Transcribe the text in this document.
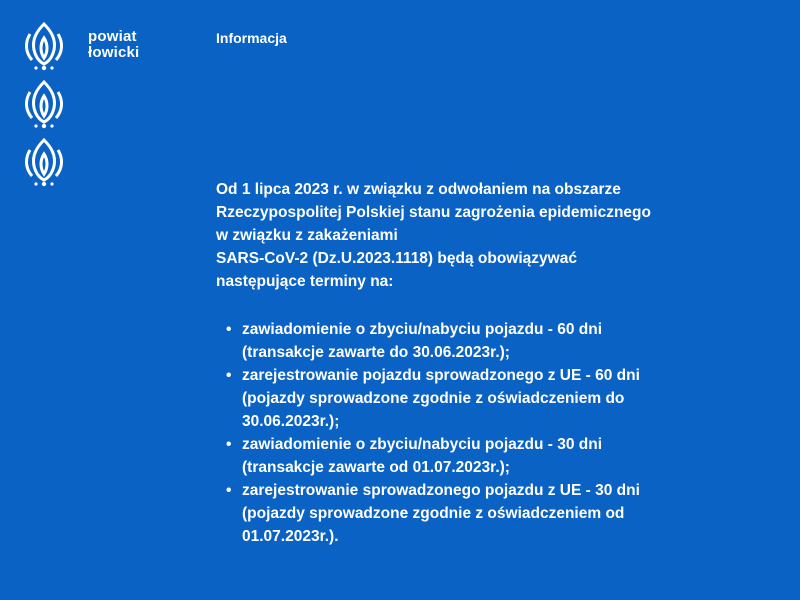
powiat
łowicki
Informacja
Od 1 lipca 2023 r. w związku z odwołaniem na obszarze
Rzeczypospolitej Polskiej stanu zagrożenia epidemicznego
w związku z zakażeniami
SARS-CoV-2 (Dz.U.2023.1118) będą obowiązywać
następujące terminy na:
• zawiadomienie o zbyciu/nabyciu pojazdu - 60 dni
(transakcje zawarte do 30.06.2023r.);
• zarejestrowanie pojazdu sprowadzonego z UE - 60 dni
(pojazdy sprowadzone zgodnie z oświadczeniem do
30.06.2023r.);
• zawiadomienie o zbyciu/nabyciu pojazdu - 30 dni
(transakcje zawarte od 01.07.2023r.);
• zarejestrowanie sprowadzonego pojazdu z UE - 30 dni
(pojazdy sprowadzone zgodnie z oświadczeniem od
01.07.2023r.).
